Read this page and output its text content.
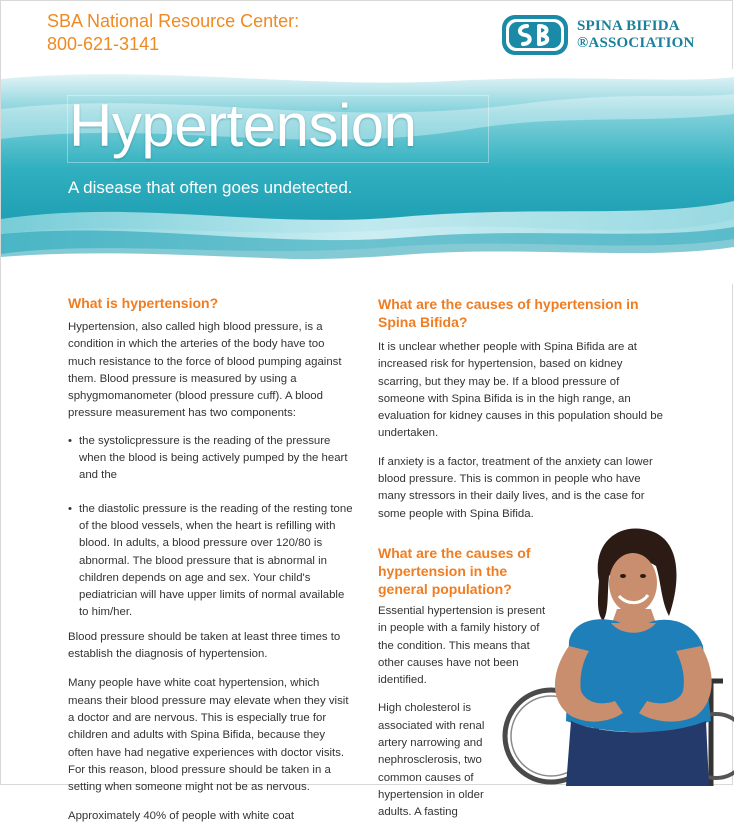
SBA National Resource Center:
800-621-3141
SPINA BIFIDA
®ASSOCIATION
Hypertension
A disease that often goes undetected.
What is hypertension?

Hypertension, also called high blood pressure, is a condition in which the arteries of the body have too much resistance to the force of blood pumping against them. Blood pressure is measured by using a sphygmomanometer (blood pressure cuff). A blood pressure measurement has two components:

• the systolicpressure is the reading of the pressure when the blood is being actively pumped by the heart and the
• the diastolic pressure is the reading of the resting tone of the blood vessels, when the heart is refilling with blood. In adults, a blood pressure over 120/80 is abnormal. The blood pressure that is abnormal in children depends on age and sex. Your child's pediatrician will have upper limits of normal available to him/her.

Blood pressure should be taken at least three times to establish the diagnosis of hypertension.

Many people have white coat hypertension, which means their blood pressure may elevate when they visit a doctor and are nervous. This is especially true for children and adults with Spina Bifida, because they often have had negative experiences with doctor visits. For this reason, blood pressure should be taken in a setting when someone might not be as nervous.

Approximately 40% of people with white coat

What are the causes of hypertension in Spina Bifida?

It is unclear whether people with Spina Bifida are at increased risk for hypertension, based on kidney scarring, but they may be. If a blood pressure of someone with Spina Bifida is in the high range, an evaluation for kidney causes in this population should be undertaken.

If anxiety is a factor, treatment of the anxiety can lower blood pressure. This is common in people who have many stressors in their daily lives, and is the case for some people with Spina Bifida.

What are the causes of hypertension in the general population?

Essential hypertension is present in people with a family history of the condition. This means that other causes have not been identified.

High cholesterol is associated with renal artery narrowing and nephrosclerosis, two common causes of hypertension in older adults. A fasting
